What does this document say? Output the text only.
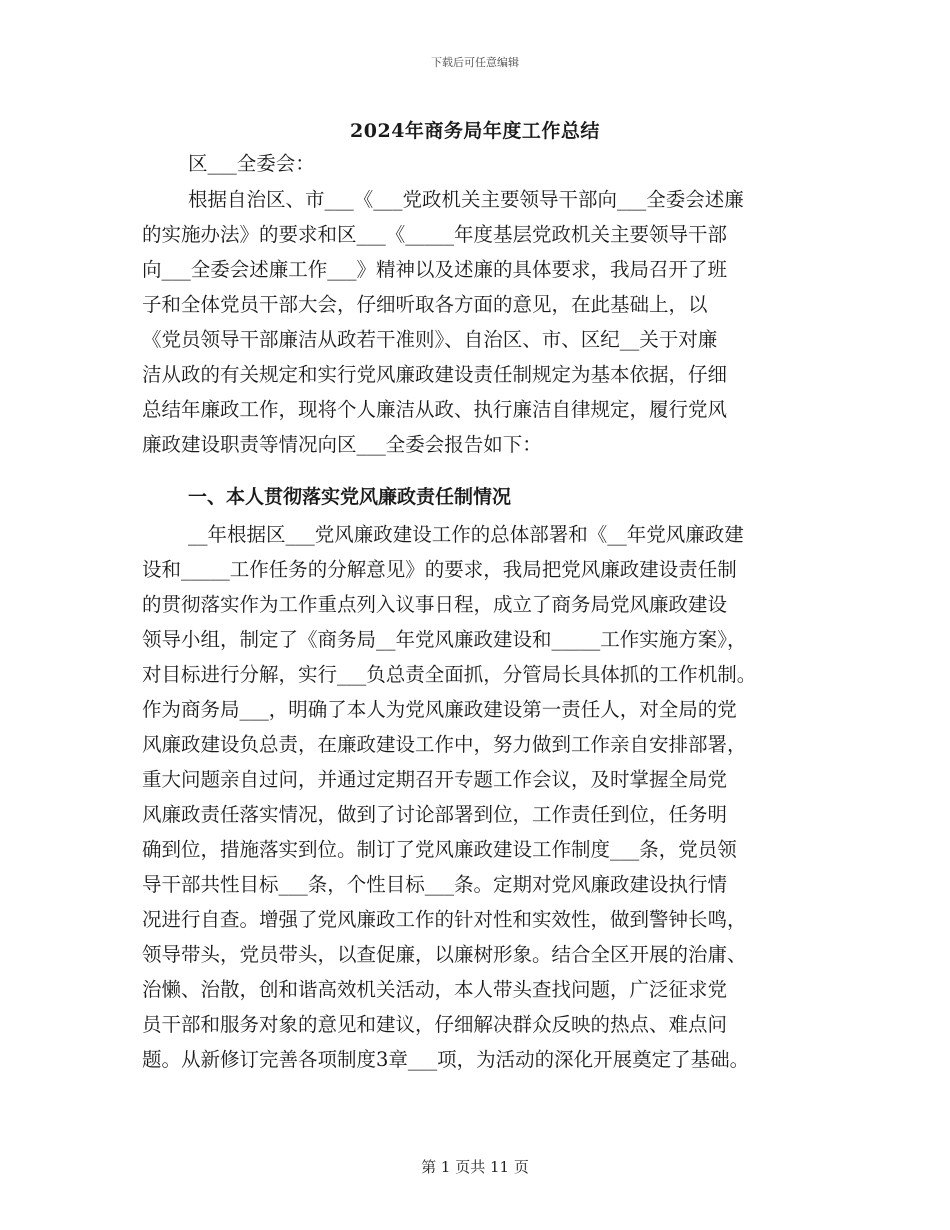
下载后可任意编辑
2024年商务局年度工作总结
区___全委会：
根据自治区、市___《___党政机关主要领导干部向___全委会述廉
的实施办法》的要求和区___《_____年度基层党政机关主要领导干部
向___全委会述廉工作___》精神以及述廉的具体要求，我局召开了班
子和全体党员干部大会，仔细听取各方面的意见，在此基础上，以
《党员领导干部廉洁从政若干准则》、自治区、市、区纪__关于对廉
洁从政的有关规定和实行党风廉政建设责任制规定为基本依据，仔细
总结年廉政工作，现将个人廉洁从政、执行廉洁自律规定，履行党风
廉政建设职责等情况向区___全委会报告如下：
一、本人贯彻落实党风廉政责任制情况
__年根据区___党风廉政建设工作的总体部署和《__年党风廉政建
设和_____工作任务的分解意见》的要求，我局把党风廉政建设责任制
的贯彻落实作为工作重点列入议事日程，成立了商务局党风廉政建设
领导小组，制定了《商务局__年党风廉政建设和_____工作实施方案》，
对目标进行分解，实行___负总责全面抓，分管局长具体抓的工作机制。
作为商务局___，明确了本人为党风廉政建设第一责任人，对全局的党
风廉政建设负总责，在廉政建设工作中，努力做到工作亲自安排部署，
重大问题亲自过问，并通过定期召开专题工作会议，及时掌握全局党
风廉政责任落实情况，做到了讨论部署到位，工作责任到位，任务明
确到位，措施落实到位。制订了党风廉政建设工作制度___条，党员领
导干部共性目标___条，个性目标___条。定期对党风廉政建设执行情
况进行自查。增强了党风廉政工作的针对性和实效性，做到警钟长鸣，
领导带头，党员带头，以查促廉，以廉树形象。结合全区开展的治庸、
治懒、治散，创和谐高效机关活动，本人带头查找问题，广泛征求党
员干部和服务对象的意见和建议，仔细解决群众反映的热点、难点问
题。从新修订完善各项制度3章___项，为活动的深化开展奠定了基础。
第 1 页共 11 页
